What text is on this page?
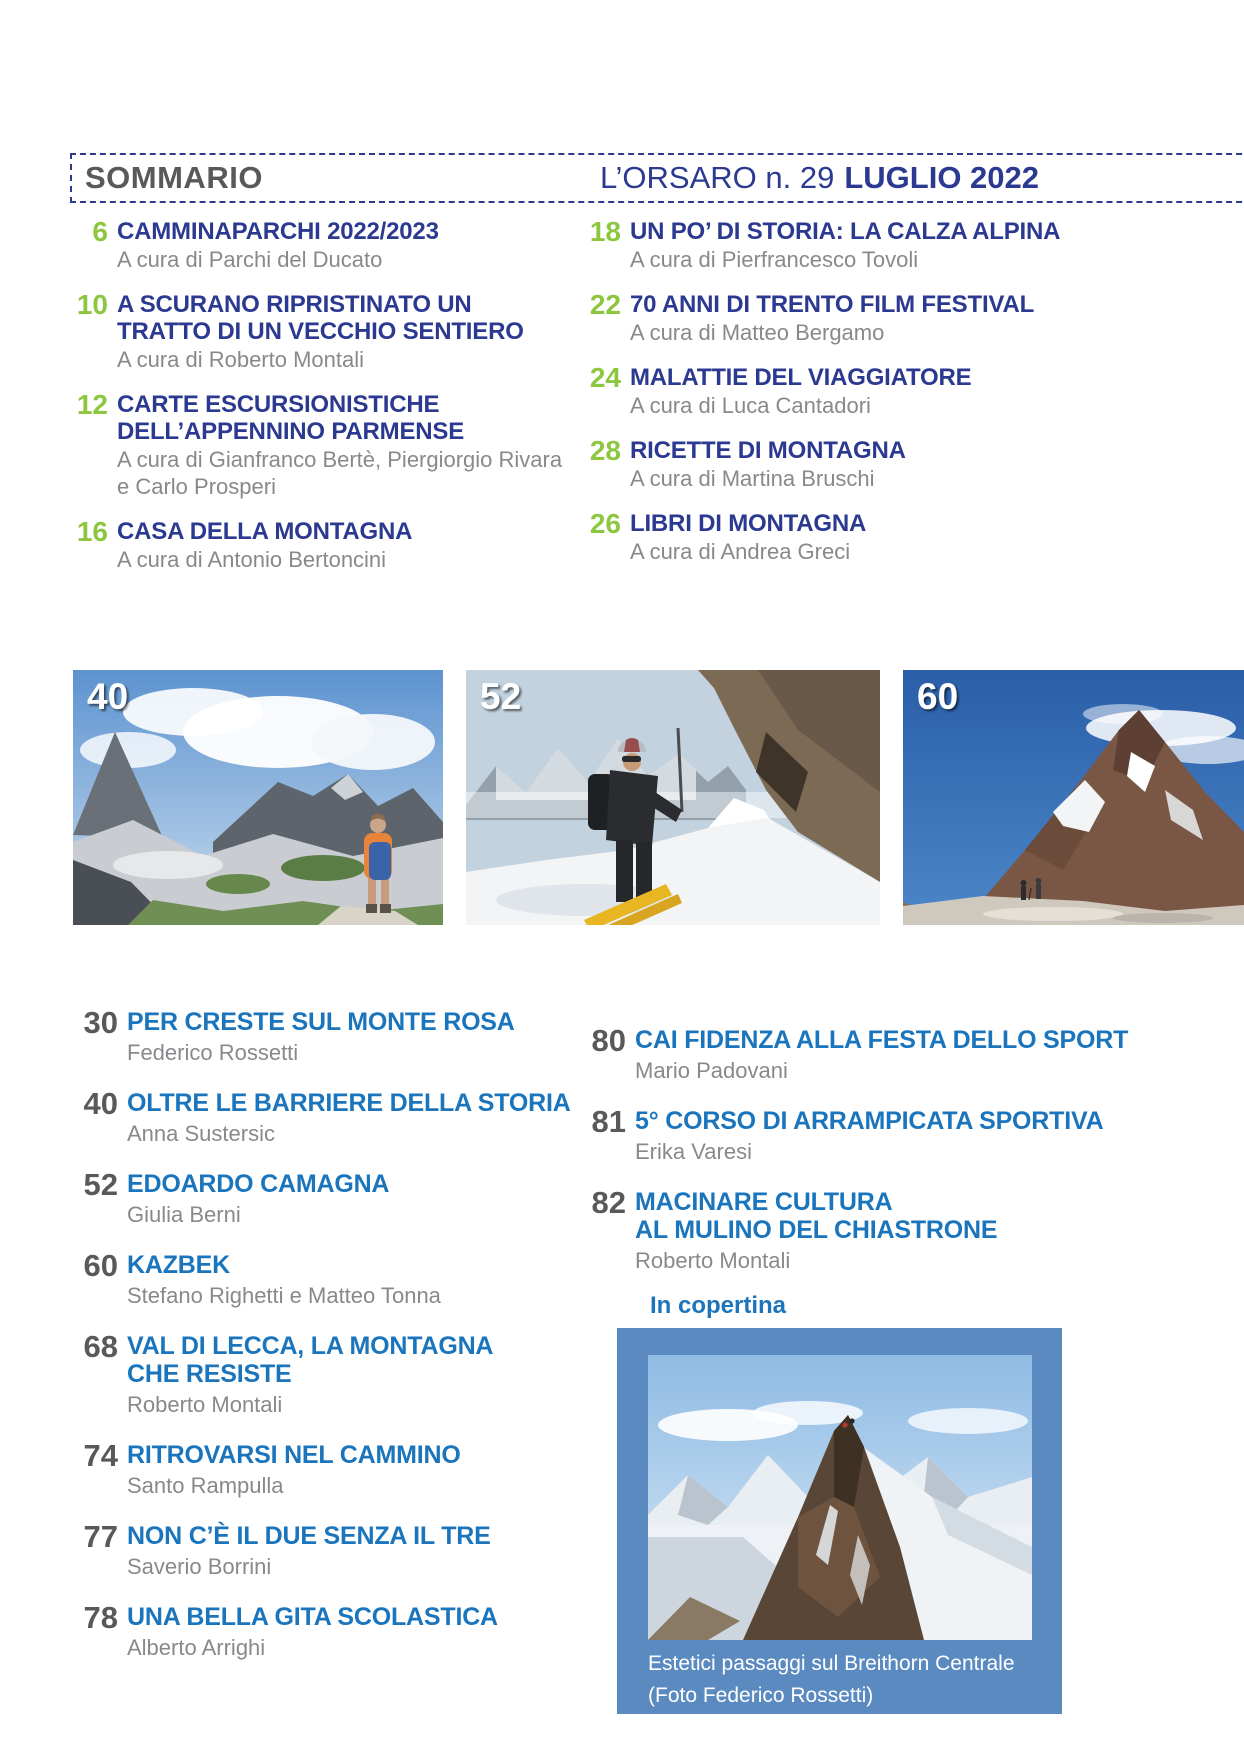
SOMMARIO	L’ORSARO n. 29 LUGLIO 2022
6 CAMMINAPARCHI 2022/2023
A cura di Parchi del Ducato
10 A SCURANO RIPRISTINATO UN
TRATTO DI UN VECCHIO SENTIERO
A cura di Roberto Montali
12 CARTE ESCURSIONISTICHE
DELL’APPENNINO PARMENSE
A cura di Gianfranco Bertè, Piergiorgio Rivara
e Carlo Prosperi
16 CASA DELLA MONTAGNA
A cura di Antonio Bertoncini
18 UN PO’ DI STORIA: LA CALZA ALPINA
A cura di Pierfrancesco Tovoli
22 70 ANNI DI TRENTO FILM FESTIVAL
A cura di Matteo Bergamo
24 MALATTIE DEL VIAGGIATORE
A cura di Luca Cantadori
28 RICETTE DI MONTAGNA
A cura di Martina Bruschi
26 LIBRI DI MONTAGNA
A cura di Andrea Greci
40	52	60
30 PER CRESTE SUL MONTE ROSA
Federico Rossetti
40 OLTRE LE BARRIERE DELLA STORIA
Anna Sustersic
52 EDOARDO CAMAGNA
Giulia Berni
60 KAZBEK
Stefano Righetti e Matteo Tonna
68 VAL DI LECCA, LA MONTAGNA
CHE RESISTE
Roberto Montali
74 RITROVARSI NEL CAMMINO
Santo Rampulla
77 NON C’È IL DUE SENZA IL TRE
Saverio Borrini
78 UNA BELLA GITA SCOLASTICA
Alberto Arrighi
80 CAI FIDENZA ALLA FESTA DELLO SPORT
Mario Padovani
81 5° CORSO DI ARRAMPICATA SPORTIVA
Erika Varesi
82 MACINARE CULTURA
AL MULINO DEL CHIASTRONE
Roberto Montali
In copertina
Estetici passaggi sul Breithorn Centrale
(Foto Federico Rossetti)
